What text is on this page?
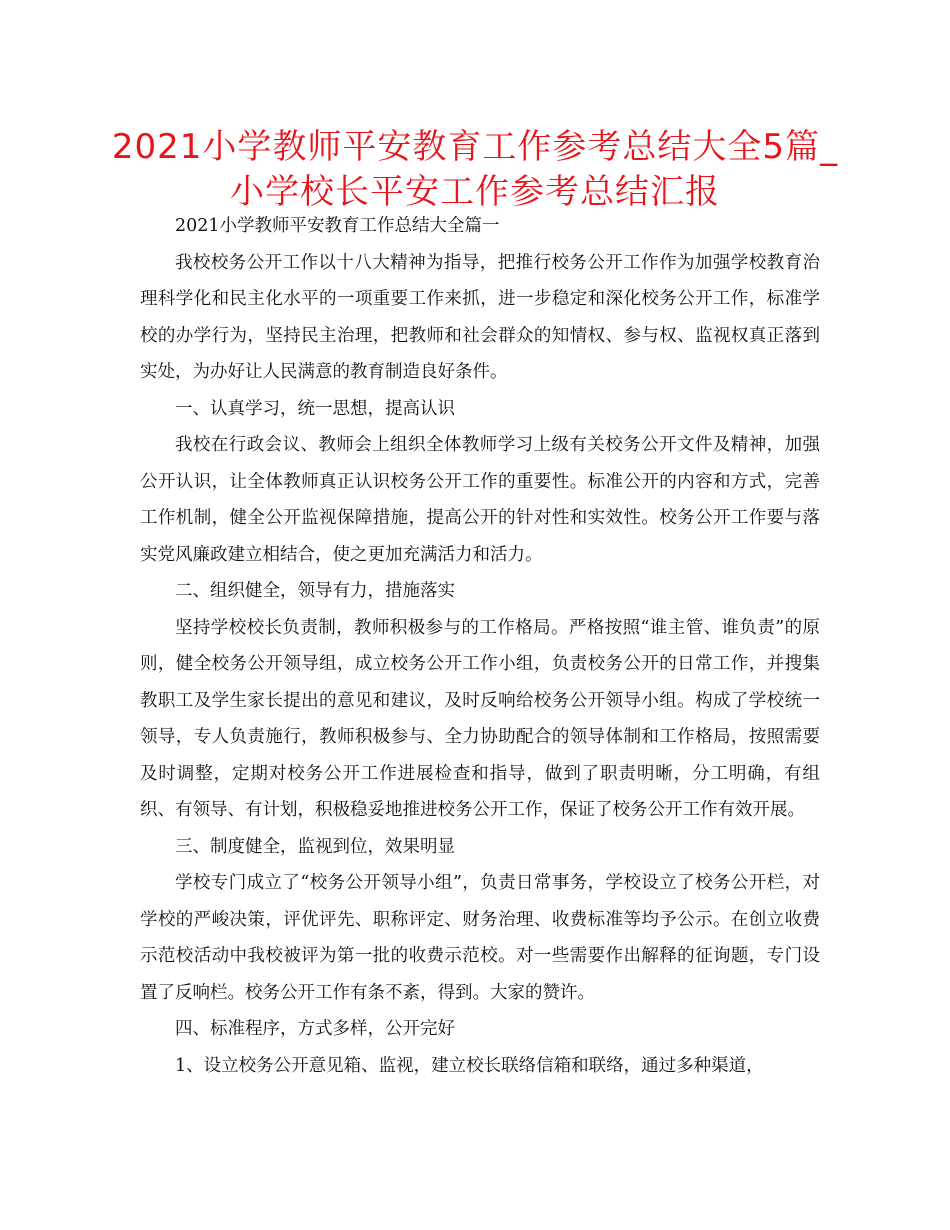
2021小学教师平安教育工作参考总结大全5篇_
小学校长平安工作参考总结汇报

2021小学教师平安教育工作总结大全篇一

我校校务公开工作以十八大精神为指导，把推行校务公开工作作为加强学校教育治理科学化和民主化水平的一项重要工作来抓，进一步稳定和深化校务公开工作，标准学校的办学行为，坚持民主治理，把教师和社会群众的知情权、参与权、监视权真正落到实处，为办好让人民满意的教育制造良好条件。

一、认真学习，统一思想，提高认识

我校在行政会议、教师会上组织全体教师学习上级有关校务公开文件及精神，加强公开认识，让全体教师真正认识校务公开工作的重要性。标准公开的内容和方式，完善工作机制，健全公开监视保障措施，提高公开的针对性和实效性。校务公开工作要与落实党风廉政建立相结合，使之更加充满活力和活力。

二、组织健全，领导有力，措施落实

坚持学校校长负责制，教师积极参与的工作格局。严格按照“谁主管、谁负责”的原则，健全校务公开领导组，成立校务公开工作小组，负责校务公开的日常工作，并搜集教职工及学生家长提出的意见和建议，及时反响给校务公开领导小组。构成了学校统一领导，专人负责施行，教师积极参与、全力协助配合的领导体制和工作格局，按照需要及时调整，定期对校务公开工作进展检查和指导，做到了职责明晰，分工明确，有组织、有领导、有计划，积极稳妥地推进校务公开工作，保证了校务公开工作有效开展。

三、制度健全，监视到位，效果明显

学校专门成立了“校务公开领导小组”，负责日常事务，学校设立了校务公开栏，对学校的严峻决策，评优评先、职称评定、财务治理、收费标准等均予公示。在创立收费示范校活动中我校被评为第一批的收费示范校。对一些需要作出解释的征询题，专门设置了反响栏。校务公开工作有条不紊，得到。大家的赞许。

四、标准程序，方式多样，公开完好

1、设立校务公开意见箱、监视，建立校长联络信箱和联络，通过多种渠道，
